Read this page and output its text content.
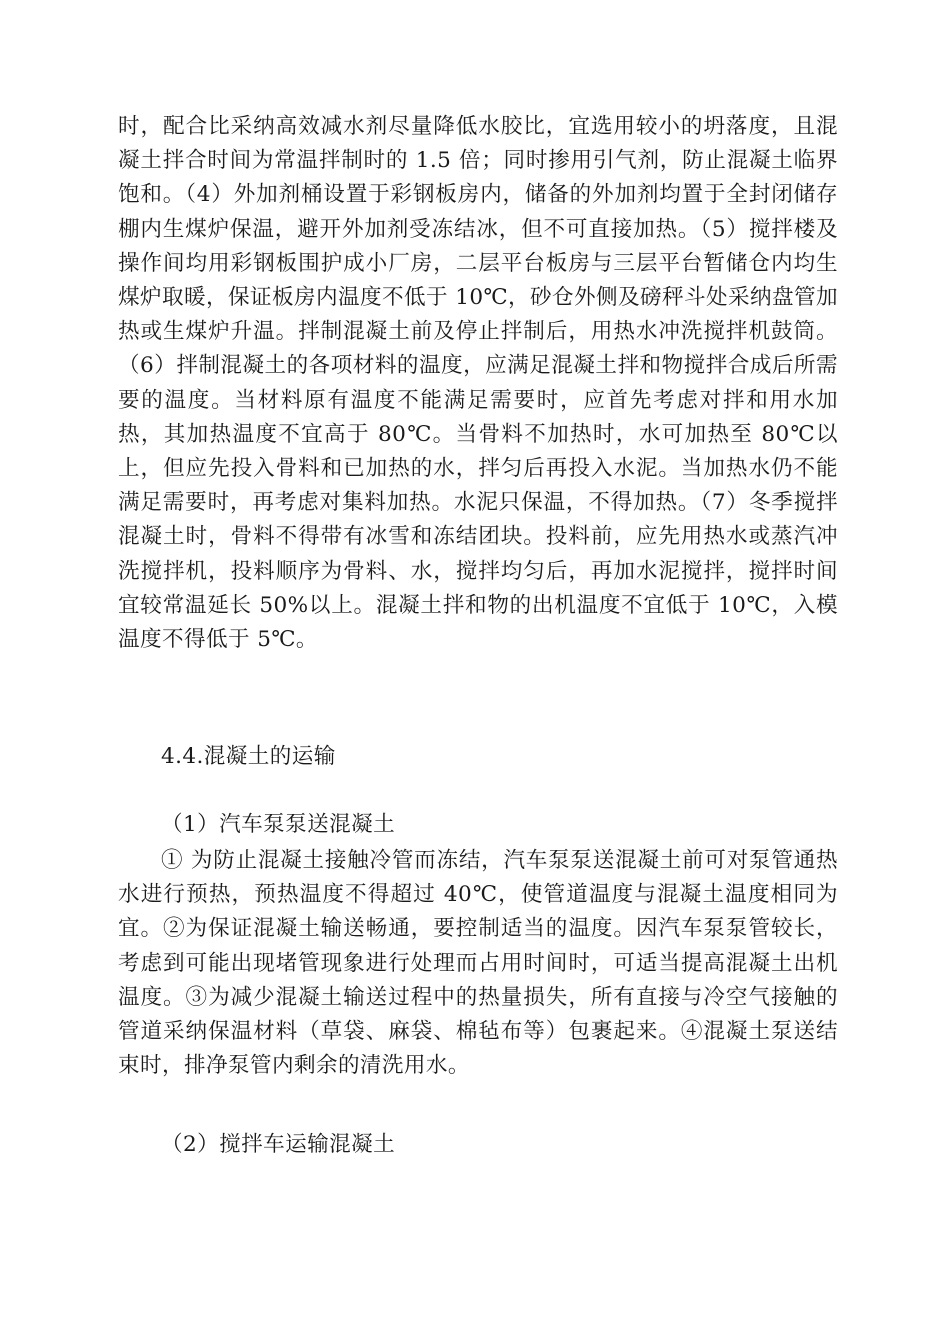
时，配合比采纳高效减水剂尽量降低水胶比，宜选用较小的坍落度，且混凝土拌合时间为常温拌制时的 1.5 倍；同时掺用引气剂，防止混凝土临界饱和。（4）外加剂桶设置于彩钢板房内，储备的外加剂均置于全封闭储存棚内生煤炉保温，避开外加剂受冻结冰，但不可直接加热。（5）搅拌楼及操作间均用彩钢板围护成小厂房，二层平台板房与三层平台暂储仓内均生煤炉取暖，保证板房内温度不低于 10℃，砂仓外侧及磅秤斗处采纳盘管加热或生煤炉升温。拌制混凝土前及停止拌制后，用热水冲洗搅拌机鼓筒。（6）拌制混凝土的各项材料的温度，应满足混凝土拌和物搅拌合成后所需要的温度。当材料原有温度不能满足需要时，应首先考虑对拌和用水加热，其加热温度不宜高于 80℃。当骨料不加热时，水可加热至 80℃以上，但应先投入骨料和已加热的水，拌匀后再投入水泥。当加热水仍不能满足需要时，再考虑对集料加热。水泥只保温，不得加热。（7）冬季搅拌混凝土时，骨料不得带有冰雪和冻结团块。投料前，应先用热水或蒸汽冲洗搅拌机，投料顺序为骨料、水，搅拌均匀后，再加水泥搅拌，搅拌时间宜较常温延长 50%以上。混凝土拌和物的出机温度不宜低于 10℃，入模温度不得低于 5℃。

4.4.混凝土的运输

（1）汽车泵泵送混凝土

① 为防止混凝土接触冷管而冻结，汽车泵泵送混凝土前可对泵管通热水进行预热，预热温度不得超过 40℃，使管道温度与混凝土温度相同为宜。②为保证混凝土输送畅通，要控制适当的温度。因汽车泵泵管较长，考虑到可能出现堵管现象进行处理而占用时间时，可适当提高混凝土出机温度。③为减少混凝土输送过程中的热量损失，所有直接与冷空气接触的管道采纳保温材料（草袋、麻袋、棉毡布等）包裹起来。④混凝土泵送结束时，排净泵管内剩余的清洗用水。

（2）搅拌车运输混凝土
